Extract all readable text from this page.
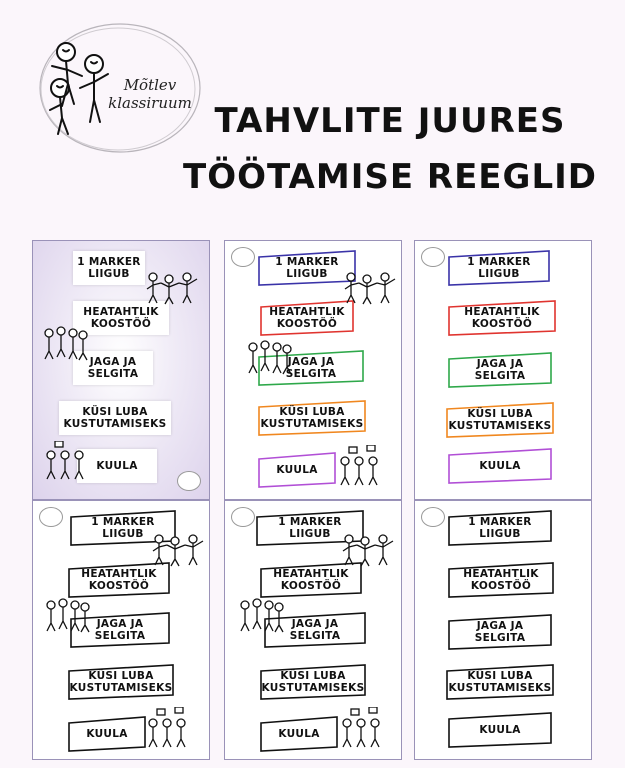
Mõtlev
klassiruum TAHVLITE JUURES
TÖÖTAMISE REEGLID
1 MARKER
LIIGUB
HEATAHTLIK
KOOSTÖÖ
JAGA JA
SELGITA
KÜSI LUBA
KUSTUTAMISEKS
KUULA
1 MARKER
LIIGUB
HEATAHTLIK
KOOSTÖÖ
JAGA JA
SELGITA
KÜSI LUBA
KUSTUTAMISEKS
KUULA
1 MARKER
LIIGUB
HEATAHTLIK
KOOSTÖÖ
JAGA JA
SELGITA
KÜSI LUBA
KUSTUTAMISEKS
KUULA
1 MARKER
LIIGUB
HEATAHTLIK
KOOSTÖÖ
JAGA JA
SELGITA
KÜSI LUBA
KUSTUTAMISEKS
KUULA
1 MARKER
LIIGUB
HEATAHTLIK
KOOSTÖÖ
JAGA JA
SELGITA
KÜSI LUBA
KUSTUTAMISEKS
KUULA
1 MARKER
LIIGUB
HEATAHTLIK
KOOSTÖÖ
JAGA JA
SELGITA
KÜSI LUBA
KUSTUTAMISEKS
KUULA
